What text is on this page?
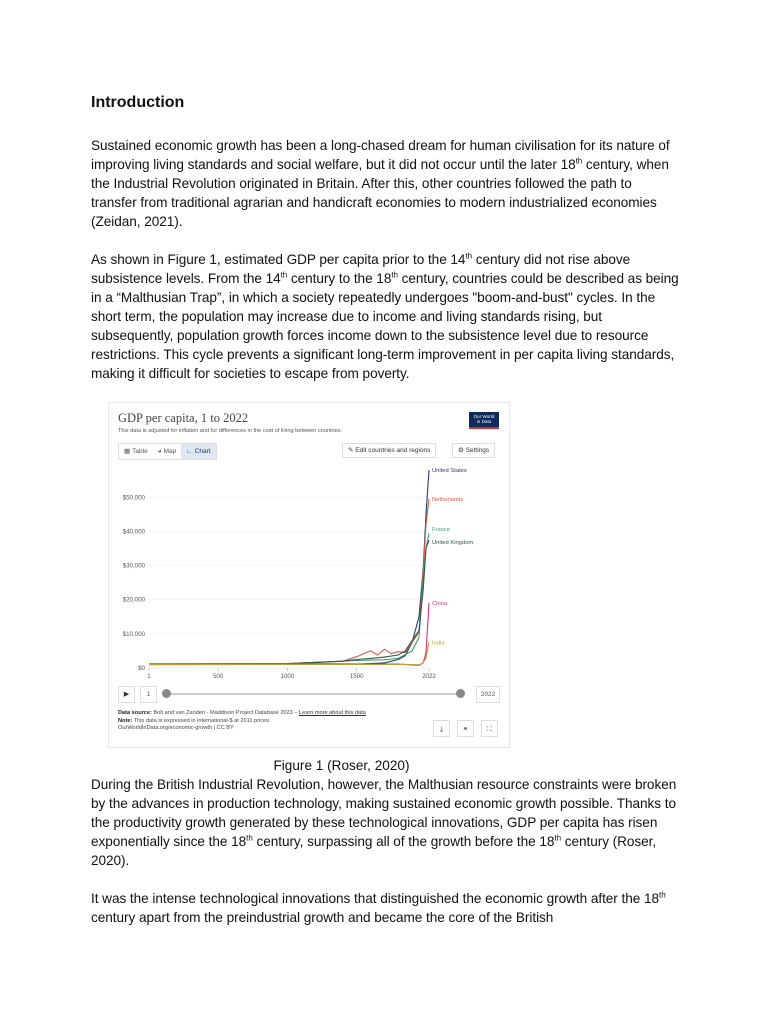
Introduction

Sustained economic growth has been a long-chased dream for human civilisation for its nature of improving living standards and social welfare, but it did not occur until the later 18th century, when the Industrial Revolution originated in Britain. After this, other countries followed the path to transfer from traditional agrarian and handicraft economies to modern industrialized economies (Zeidan, 2021).

As shown in Figure 1, estimated GDP per capita prior to the 14th century did not rise above subsistence levels. From the 14th century to the 18th century, countries could be described as being in a “Malthusian Trap”, in which a society repeatedly undergoes "boom-and-bust" cycles. In the short term, the population may increase due to income and living standards rising, but subsequently, population growth forces income down to the subsistence level due to resource restrictions. This cycle prevents a significant long-term improvement in per capita living standards, making it difficult for societies to escape from poverty.

GDP per capita, 1 to 2022
This data is adjusted for inflation and for differences in the cost of living between countries.
Our World
in Data
▦ Table ◕ Map ∟ Chart	✎ Edit countries and regions	⚙ Settings
$0
$10,000
$20,000
$30,000
$40,000
$50,000
1	500	1000	1500	2022
United States
Netherlands
France
United Kingdom
China
India
▶	1	2022
Data source: Bolt and van Zanden - Maddison Project Database 2023 – Learn more about this data
Note: This data is expressed in international-$ at 2011 prices.
OurWorldInData.org/economic-growth | CC BY	⤓	⚭	⛶
Figure 1 (Roser, 2020)

During the British Industrial Revolution, however, the Malthusian resource constraints were broken by the advances in production technology, making sustained economic growth possible. Thanks to the productivity growth generated by these technological innovations, GDP per capita has risen exponentially since the 18th century, surpassing all of the growth before the 18th century (Roser, 2020).

It was the intense technological innovations that distinguished the economic growth after the 18th century apart from the preindustrial growth and became the core of the British
